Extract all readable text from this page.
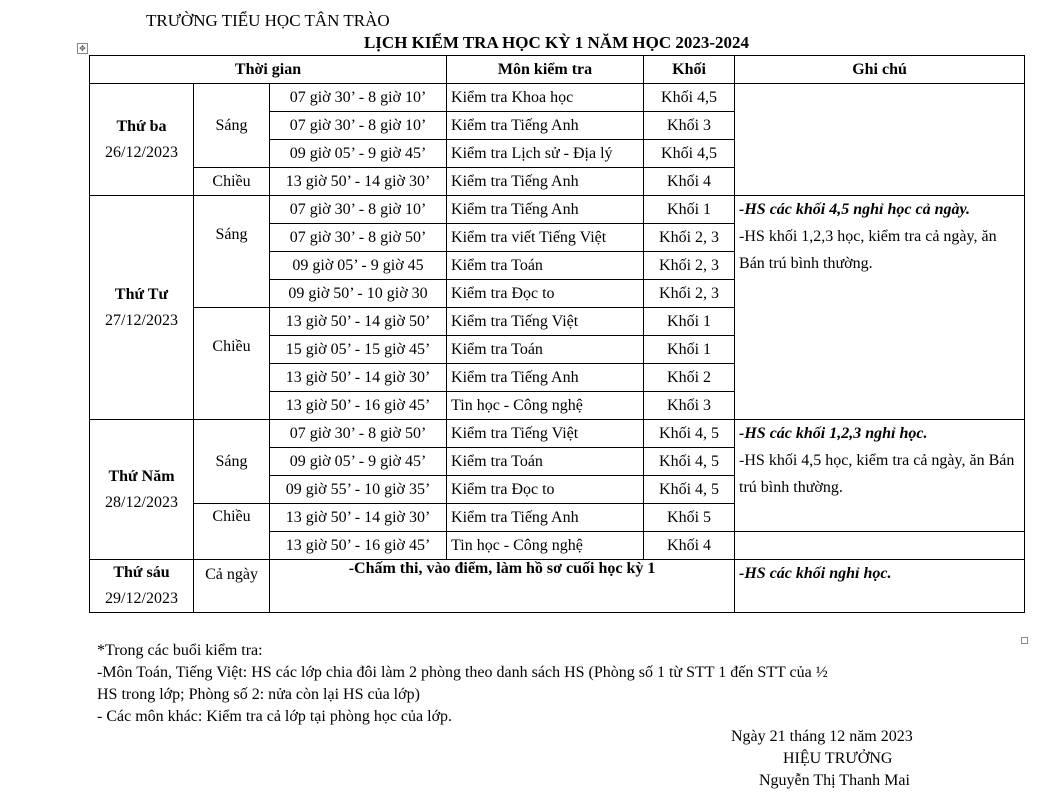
TRƯỜNG TIỂU HỌC TÂN TRÀO
✥	LỊCH KIỂM TRA HỌC KỲ 1 NĂM HỌC 2023-2024
Thời gian			Môn kiểm tra	Khối	Ghi chú

Thứ ba
26/12/2023	Sáng	07 giờ 30’ - 8 giờ 10’	Kiểm tra Khoa học	Khối 4,5	
		07 giờ 30’ - 8 giờ 10’	Kiểm tra Tiếng Anh	Khối 3	
		09 giờ 05’ - 9 giờ 45’	Kiểm tra Lịch sử - Địa lý	Khối 4,5	
	Chiều	13 giờ 50’ - 14 giờ 30’	Kiểm tra Tiếng Anh	Khối 4	

Thứ Tư
27/12/2023	Sáng	07 giờ 30’ - 8 giờ 10’	Kiểm tra Tiếng Anh	Khối 1	-HS các khối 4,5 nghỉ học cả ngày.
-HS khối 1,2,3 học, kiểm tra cả ngày, ăn Bán trú bình thường.
		07 giờ 30’ - 8 giờ 50’	Kiểm tra viết Tiếng Việt	Khối 2, 3	
		09 giờ 05’ - 9 giờ 45	Kiểm tra Toán	Khối 2, 3	
		09 giờ 50’ - 10 giờ 30	Kiểm tra Đọc to	Khối 2, 3	
	Chiều	13 giờ 50’ - 14 giờ 50’	Kiểm tra Tiếng Việt	Khối 1	
		15 giờ 05’ - 15 giờ 45’	Kiểm tra Toán	Khối 1	
		13 giờ 50’ - 14 giờ 30’	Kiểm tra Tiếng Anh	Khối 2	
		13 giờ 50’ - 16 giờ 45’	Tin học - Công nghệ	Khối 3	

Thứ Năm
28/12/2023	Sáng	07 giờ 30’ - 8 giờ 50’	Kiểm tra Tiếng Việt	Khối 4, 5	-HS các khối 1,2,3 nghỉ học.
-HS khối 4,5 học, kiểm tra cả ngày, ăn Bán trú bình thường.
		09 giờ 05’ - 9 giờ 45’	Kiểm tra Toán	Khối 4, 5	
		09 giờ 55’ - 10 giờ 35’	Kiểm tra Đọc to	Khối 4, 5	
	Chiều	13 giờ 50’ - 14 giờ 30’	Kiểm tra Tiếng Anh	Khối 5	
		13 giờ 50’ - 16 giờ 45’	Tin học - Công nghệ	Khối 4	

Thứ sáu
29/12/2023	Cả ngày	-Chấm thi, vào điểm, làm hồ sơ cuối học kỳ 1			-HS các khối nghỉ học.
*Trong các buổi kiểm tra:
-Môn Toán, Tiếng Việt: HS các lớp chia đôi làm 2 phòng theo danh sách HS (Phòng số 1 từ STT 1 đến STT của ½
HS trong lớp; Phòng số 2: nửa còn lại HS của lớp)
- Các môn khác: Kiểm tra cả lớp tại phòng học của lớp.
Ngày 21 tháng 12 năm 2023
HIỆU TRƯỞNG
Nguyễn Thị Thanh Mai
